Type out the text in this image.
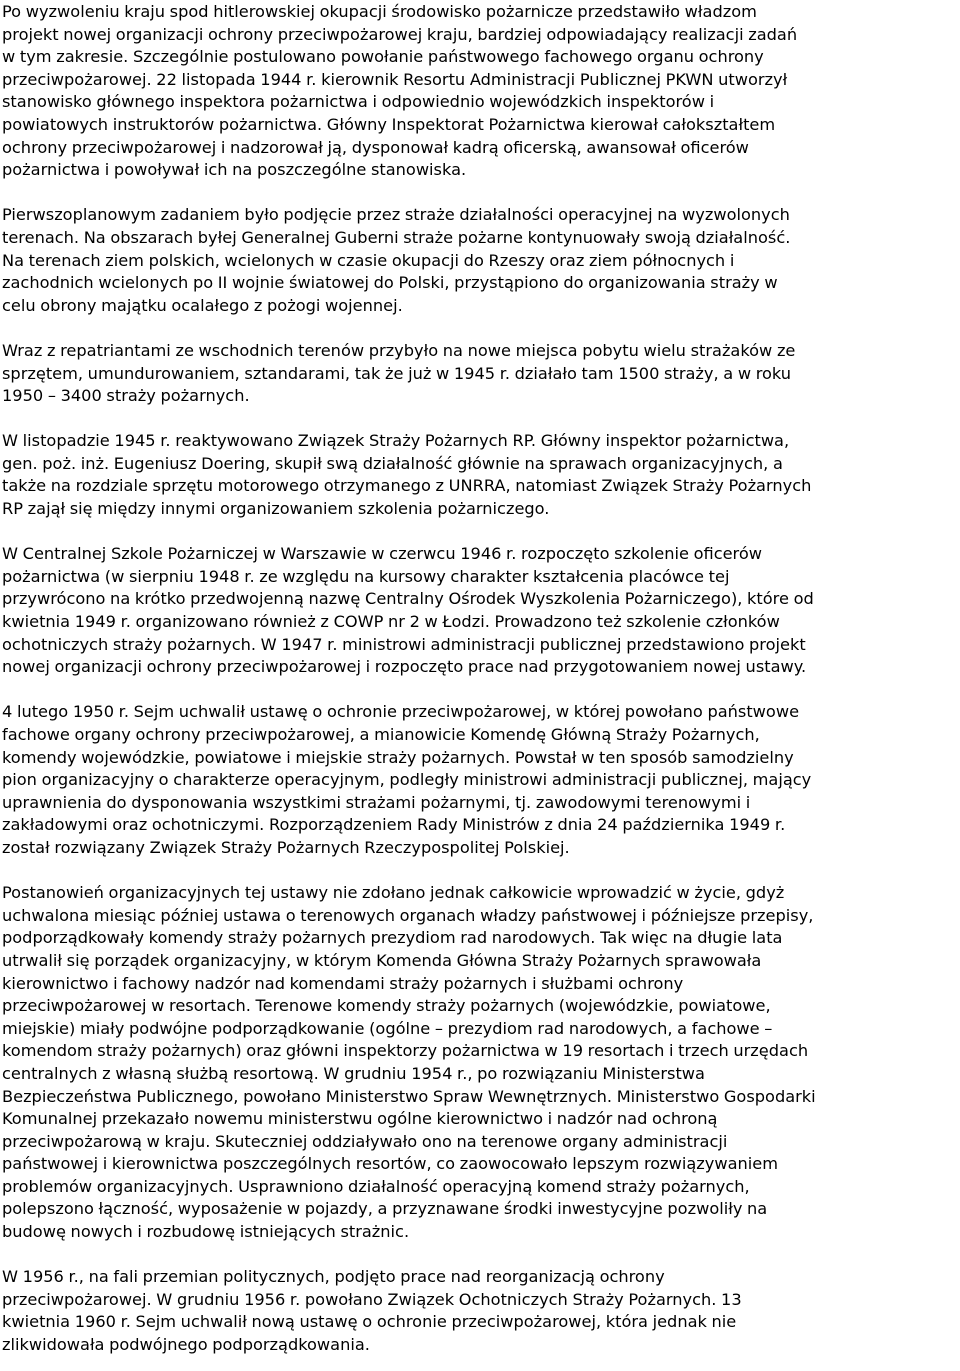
Po wyzwoleniu kraju spod hitlerowskiej okupacji środowisko pożarnicze przedstawiło władzom
projekt nowej organizacji ochrony przeciwpożarowej kraju, bardziej odpowiadający realizacji zadań
w tym zakresie. Szczególnie postulowano powołanie państwowego fachowego organu ochrony
przeciwpożarowej. 22 listopada 1944 r. kierownik Resortu Administracji Publicznej PKWN utworzył
stanowisko głównego inspektora pożarnictwa i odpowiednio wojewódzkich inspektorów i
powiatowych instruktorów pożarnictwa. Główny Inspektorat Pożarnictwa kierował całokształtem
ochrony przeciwpożarowej i nadzorował ją, dysponował kadrą oficerską, awansował oficerów
pożarnictwa i powoływał ich na poszczególne stanowiska.

Pierwszoplanowym zadaniem było podjęcie przez straże działalności operacyjnej na wyzwolonych
terenach. Na obszarach byłej Generalnej Guberni straże pożarne kontynuowały swoją działalność.
Na terenach ziem polskich, wcielonych w czasie okupacji do Rzeszy oraz ziem północnych i
zachodnich wcielonych po II wojnie światowej do Polski, przystąpiono do organizowania straży w
celu obrony majątku ocalałego z pożogi wojennej.

Wraz z repatriantami ze wschodnich terenów przybyło na nowe miejsca pobytu wielu strażaków ze
sprzętem, umundurowaniem, sztandarami, tak że już w 1945 r. działało tam 1500 straży, a w roku
1950 – 3400 straży pożarnych.

W listopadzie 1945 r. reaktywowano Związek Straży Pożarnych RP. Główny inspektor pożarnictwa,
gen. poż. inż. Eugeniusz Doering, skupił swą działalność głównie na sprawach organizacyjnych, a
także na rozdziale sprzętu motorowego otrzymanego z UNRRA, natomiast Związek Straży Pożarnych
RP zajął się między innymi organizowaniem szkolenia pożarniczego.

W Centralnej Szkole Pożarniczej w Warszawie w czerwcu 1946 r. rozpoczęto szkolenie oficerów
pożarnictwa (w sierpniu 1948 r. ze względu na kursowy charakter kształcenia placówce tej
przywrócono na krótko przedwojenną nazwę Centralny Ośrodek Wyszkolenia Pożarniczego), które od
kwietnia 1949 r. organizowano również z COWP nr 2 w Łodzi. Prowadzono też szkolenie członków
ochotniczych straży pożarnych. W 1947 r. ministrowi administracji publicznej przedstawiono projekt
nowej organizacji ochrony przeciwpożarowej i rozpoczęto prace nad przygotowaniem nowej ustawy.

4 lutego 1950 r. Sejm uchwalił ustawę o ochronie przeciwpożarowej, w której powołano państwowe
fachowe organy ochrony przeciwpożarowej, a mianowicie Komendę Główną Straży Pożarnych,
komendy wojewódzkie, powiatowe i miejskie straży pożarnych. Powstał w ten sposób samodzielny
pion organizacyjny o charakterze operacyjnym, podległy ministrowi administracji publicznej, mający
uprawnienia do dysponowania wszystkimi strażami pożarnymi, tj. zawodowymi terenowymi i
zakładowymi oraz ochotniczymi. Rozporządzeniem Rady Ministrów z dnia 24 października 1949 r.
został rozwiązany Związek Straży Pożarnych Rzeczypospolitej Polskiej.

Postanowień organizacyjnych tej ustawy nie zdołano jednak całkowicie wprowadzić w życie, gdyż
uchwalona miesiąc później ustawa o terenowych organach władzy państwowej i późniejsze przepisy,
podporządkowały komendy straży pożarnych prezydiom rad narodowych. Tak więc na długie lata
utrwalił się porządek organizacyjny, w którym Komenda Główna Straży Pożarnych sprawowała
kierownictwo i fachowy nadzór nad komendami straży pożarnych i służbami ochrony
przeciwpożarowej w resortach. Terenowe komendy straży pożarnych (wojewódzkie, powiatowe,
miejskie) miały podwójne podporządkowanie (ogólne – prezydiom rad narodowych, a fachowe –
komendom straży pożarnych) oraz główni inspektorzy pożarnictwa w 19 resortach i trzech urzędach
centralnych z własną służbą resortową. W grudniu 1954 r., po rozwiązaniu Ministerstwa
Bezpieczeństwa Publicznego, powołano Ministerstwo Spraw Wewnętrznych. Ministerstwo Gospodarki
Komunalnej przekazało nowemu ministerstwu ogólne kierownictwo i nadzór nad ochroną
przeciwpożarową w kraju. Skuteczniej oddziaływało ono na terenowe organy administracji
państwowej i kierownictwa poszczególnych resortów, co zaowocowało lepszym rozwiązywaniem
problemów organizacyjnych. Usprawniono działalność operacyjną komend straży pożarnych,
polepszono łączność, wyposażenie w pojazdy, a przyznawane środki inwestycyjne pozwoliły na
budowę nowych i rozbudowę istniejących strażnic.

W 1956 r., na fali przemian politycznych, podjęto prace nad reorganizacją ochrony
przeciwpożarowej. W grudniu 1956 r. powołano Związek Ochotniczych Straży Pożarnych. 13
kwietnia 1960 r. Sejm uchwalił nową ustawę o ochronie przeciwpożarowej, która jednak nie
zlikwidowała podwójnego podporządkowania.
